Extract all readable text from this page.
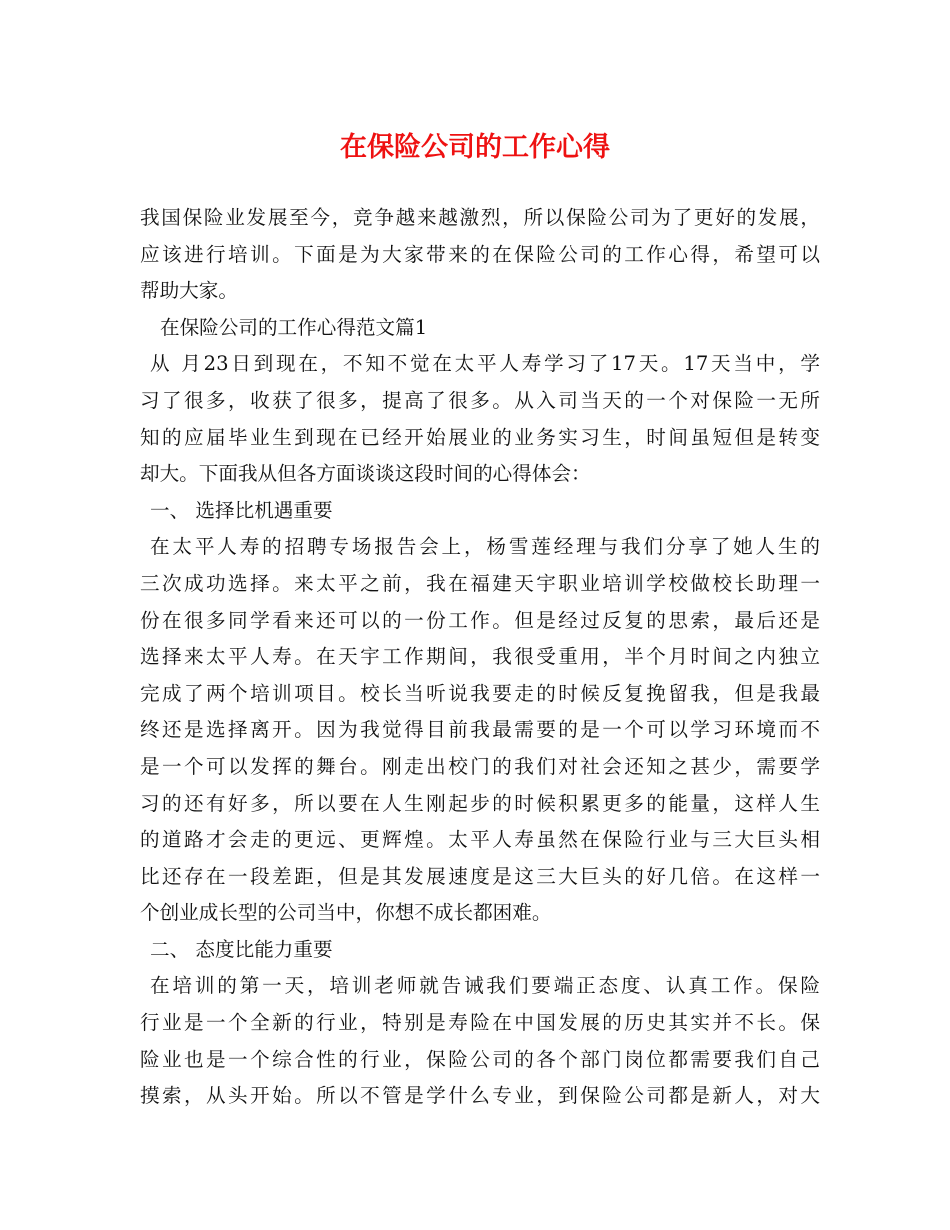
在保险公司的工作心得
我国保险业发展至今，竞争越来越激烈，所以保险公司为了更好的发展，
应该进行培训。下面是为大家带来的在保险公司的工作心得，希望可以
帮助大家。
在保险公司的工作心得范文篇1
从 月23日到现在，不知不觉在太平人寿学习了17天。17天当中，学
习了很多，收获了很多，提高了很多。从入司当天的一个对保险一无所
知的应届毕业生到现在已经开始展业的业务实习生，时间虽短但是转变
却大。下面我从但各方面谈谈这段时间的心得体会：
一、 选择比机遇重要
在太平人寿的招聘专场报告会上，杨雪莲经理与我们分享了她人生的
三次成功选择。来太平之前，我在福建天宇职业培训学校做校长助理一
份在很多同学看来还可以的一份工作。但是经过反复的思索，最后还是
选择来太平人寿。在天宇工作期间，我很受重用，半个月时间之内独立
完成了两个培训项目。校长当听说我要走的时候反复挽留我，但是我最
终还是选择离开。因为我觉得目前我最需要的是一个可以学习环境而不
是一个可以发挥的舞台。刚走出校门的我们对社会还知之甚少，需要学
习的还有好多，所以要在人生刚起步的时候积累更多的能量，这样人生
的道路才会走的更远、更辉煌。太平人寿虽然在保险行业与三大巨头相
比还存在一段差距，但是其发展速度是这三大巨头的好几倍。在这样一
个创业成长型的公司当中，你想不成长都困难。
二、 态度比能力重要
在培训的第一天，培训老师就告诫我们要端正态度、认真工作。保险
行业是一个全新的行业，特别是寿险在中国发展的历史其实并不长。保
险业也是一个综合性的行业，保险公司的各个部门岗位都需要我们自己
摸索，从头开始。所以不管是学什么专业，到保险公司都是新人，对大
